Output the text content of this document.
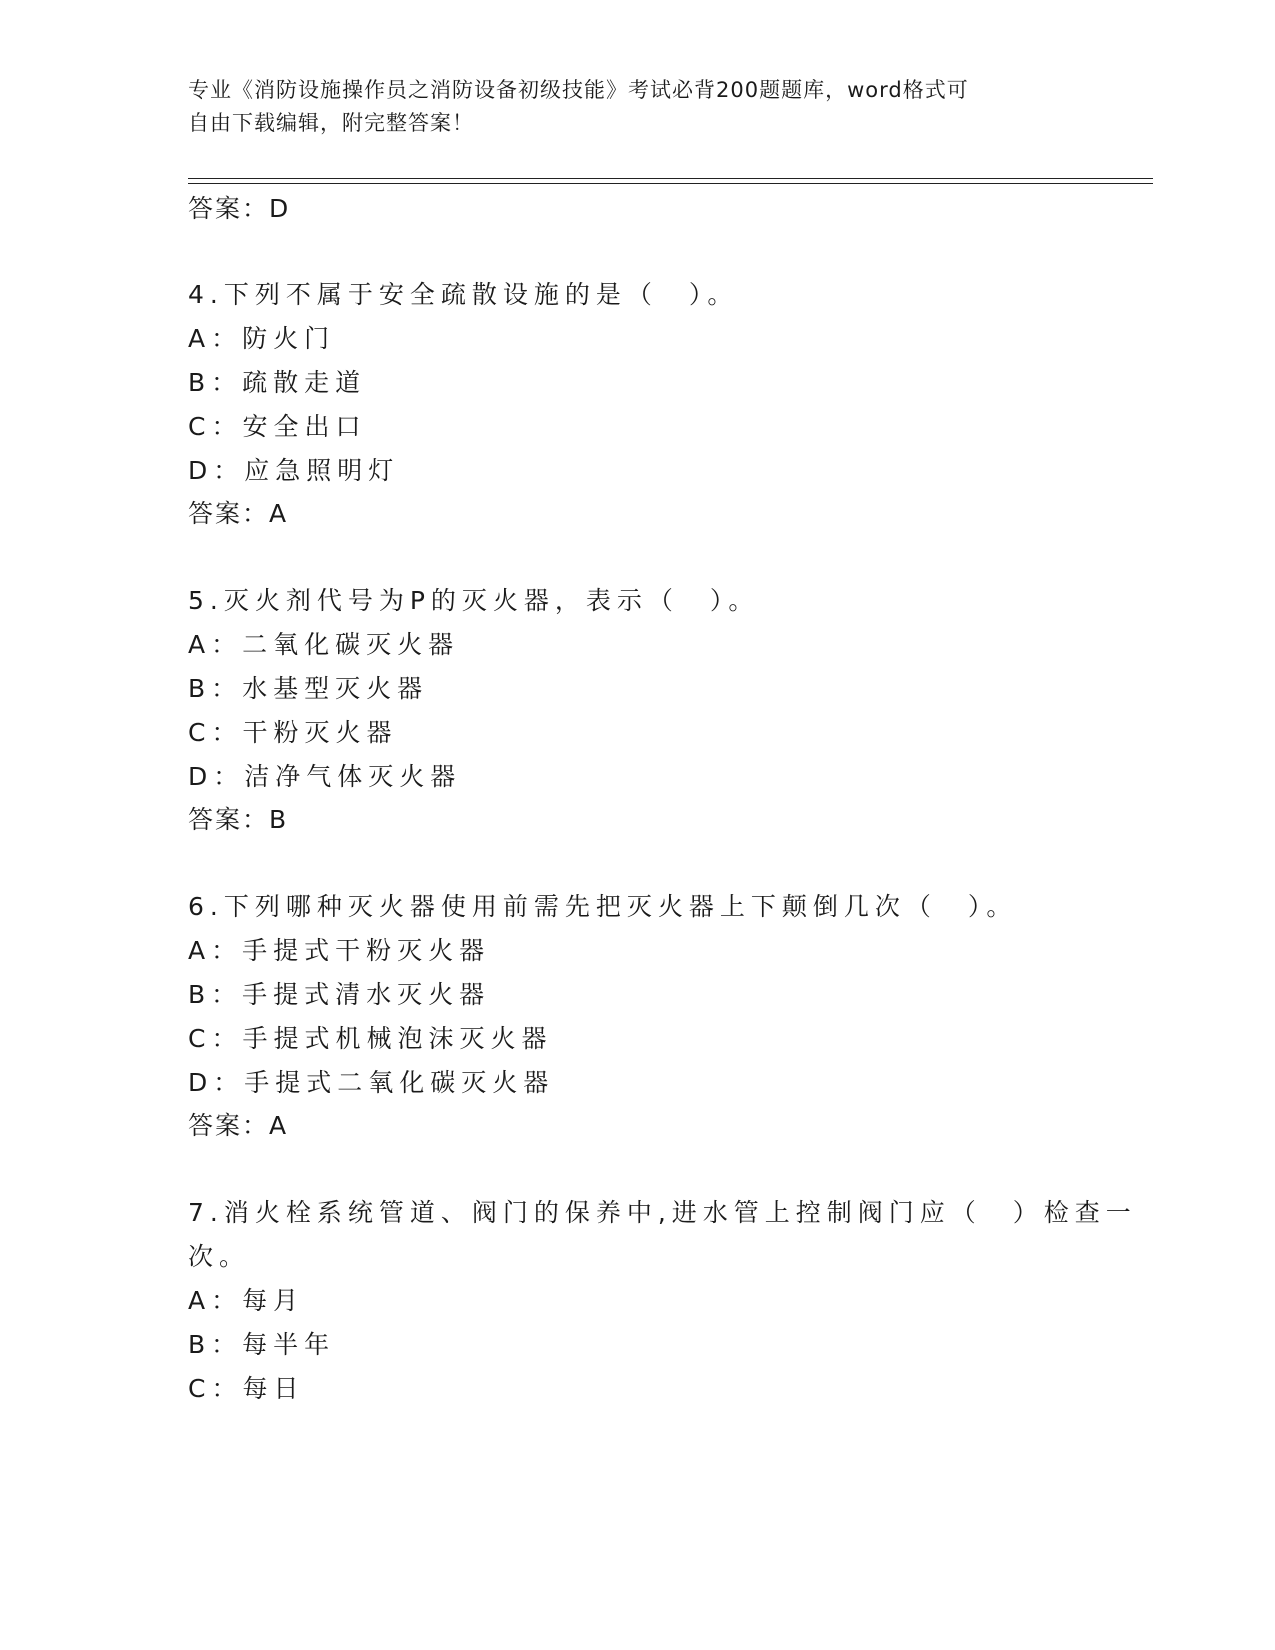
专业《消防设施操作员之消防设备初级技能》考试必背200题题库，word格式可
自由下载编辑，附完整答案！
答案：D
4.下列不属于安全疏散设施的是（　）。
A：防火门
B：疏散走道
C：安全出口
D：应急照明灯
答案：A
5.灭火剂代号为P的灭火器，表示（　）。
A：二氧化碳灭火器
B：水基型灭火器
C：干粉灭火器
D：洁净气体灭火器
答案：B
6.下列哪种灭火器使用前需先把灭火器上下颠倒几次（　）。
A：手提式干粉灭火器
B：手提式清水灭火器
C：手提式机械泡沫灭火器
D：手提式二氧化碳灭火器
答案：A
7.消火栓系统管道、阀门的保养中,进水管上控制阀门应（　）检查一
次。
A：每月
B：每半年
C：每日
